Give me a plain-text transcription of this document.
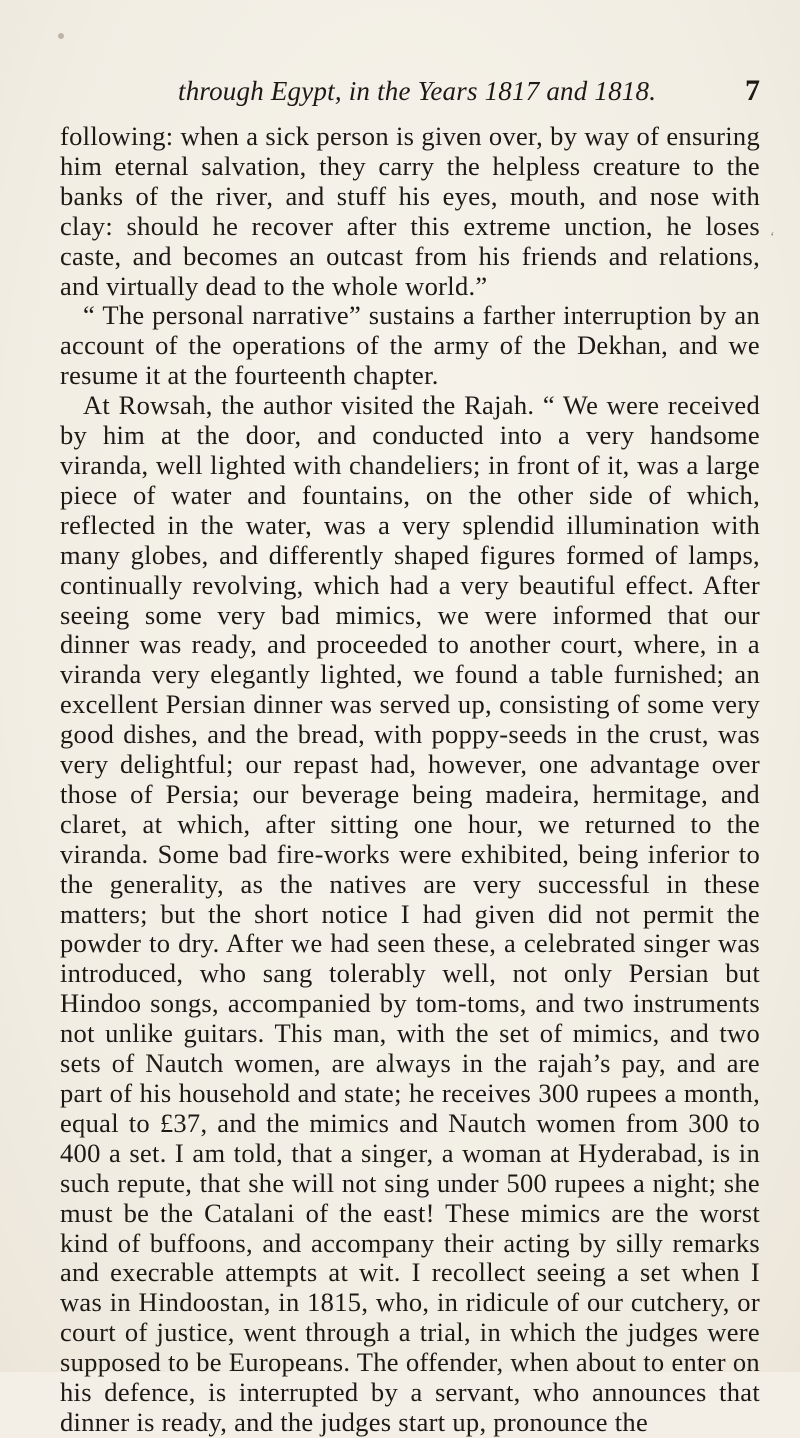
through Egypt, in the Years 1817 and 1818.	7

following: when a sick person is given over, by way of ensuring him eternal salvation, they carry the helpless creature to the banks of the river, and stuff his eyes, mouth, and nose with clay: should he recover after this extreme unction, he loses caste, and becomes an outcast from his friends and relations, and virtually dead to the whole world.”

“ The personal narrative” sustains a farther interruption by an account of the operations of the army of the Dekhan, and we resume it at the fourteenth chapter.

At Rowsah, the author visited the Rajah. “ We were received by him at the door, and conducted into a very handsome viranda, well lighted with chandeliers; in front of it, was a large piece of water and fountains, on the other side of which, reflected in the water, was a very splendid illumination with many globes, and differently shaped figures formed of lamps, continually revolving, which had a very beautiful effect. After seeing some very bad mimics, we were informed that our dinner was ready, and proceeded to another court, where, in a viranda very elegantly lighted, we found a table furnished; an excellent Persian dinner was served up, consisting of some very good dishes, and the bread, with poppy-seeds in the crust, was very delightful; our repast had, however, one advantage over those of Persia; our beverage being madeira, hermitage, and claret, at which, after sitting one hour, we returned to the viranda. Some bad fire-works were exhibited, being inferior to the generality, as the natives are very successful in these matters; but the short notice I had given did not permit the powder to dry. After we had seen these, a celebrated singer was introduced, who sang tolerably well, not only Persian but Hindoo songs, accompanied by tom-toms, and two instruments not unlike guitars. This man, with the set of mimics, and two sets of Nautch women, are always in the rajah’s pay, and are part of his household and state; he receives 300 rupees a month, equal to £37, and the mimics and Nautch women from 300 to 400 a set. I am told, that a singer, a woman at Hyderabad, is in such repute, that she will not sing under 500 rupees a night; she must be the Catalani of the east! These mimics are the worst kind of buffoons, and accompany their acting by silly remarks and execrable attempts at wit. I recollect seeing a set when I was in Hindoostan, in 1815, who, in ridicule of our cutchery, or court of justice, went through a trial, in which the judges were supposed to be Europeans. The offender, when about to enter on his defence, is interrupted by a servant, who announces that dinner is ready, and the judges start up, pronounce the

‘
